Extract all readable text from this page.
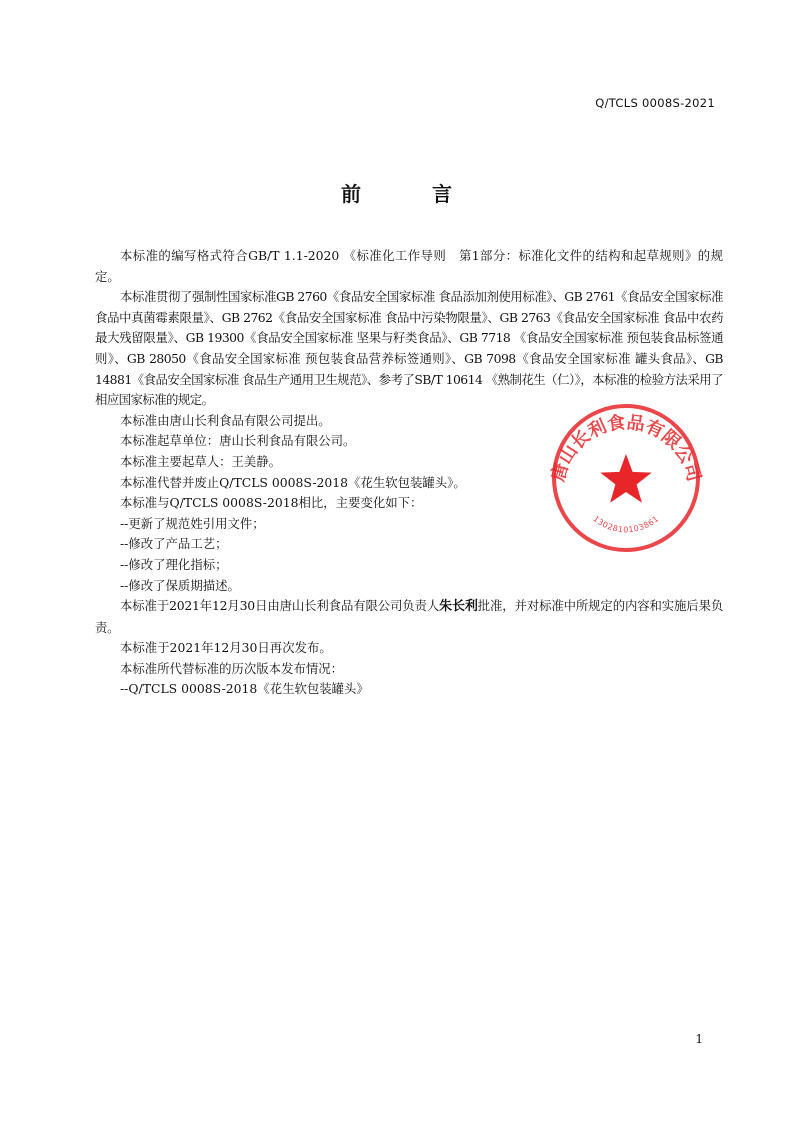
Q/TCLS 0008S-2021
前 言

本标准的编写格式符合GB/T 1.1-2020 《标准化工作导则　第1部分：标准化文件的结构和起草规则》的规定。

本标准贯彻了强制性国家标准GB 2760《食品安全国家标准 食品添加剂使用标准》、GB 2761《食品安全国家标准 食品中真菌霉素限量》、GB 2762《食品安全国家标准 食品中污染物限量》、GB 2763《食品安全国家标准 食品中农药最大残留限量》、GB 19300《食品安全国家标准 坚果与籽类食品》、GB 7718 《食品安全国家标准 预包装食品标签通则》、GB 28050《食品安全国家标准 预包装食品营养标签通则》、GB 7098《食品安全国家标准 罐头食品》、GB 14881《食品安全国家标准 食品生产通用卫生规范》、参考了SB/T 10614 《熟制花生（仁）》，本标准的检验方法采用了相应国家标准的规定。

本标准由唐山长利食品有限公司提出。

本标准起草单位：唐山长利食品有限公司。

本标准主要起草人：王美静。

本标准代替并废止Q/TCLS 0008S-2018《花生软包装罐头》。

本标准与Q/TCLS 0008S-2018相比，主要变化如下：

--更新了规范姓引用文件；

--修改了产品工艺；

--修改了理化指标；

--修改了保质期描述。

本标准于2021年12月30日由唐山长利食品有限公司负责人朱长利批准，并对标准中所规定的内容和实施后果负责。

本标准于2021年12月30日再次发布。

本标准所代替标准的历次版本发布情况：

--Q/TCLS 0008S-2018《花生软包装罐头》

唐山长利食品有限公司
1302810103861
1
